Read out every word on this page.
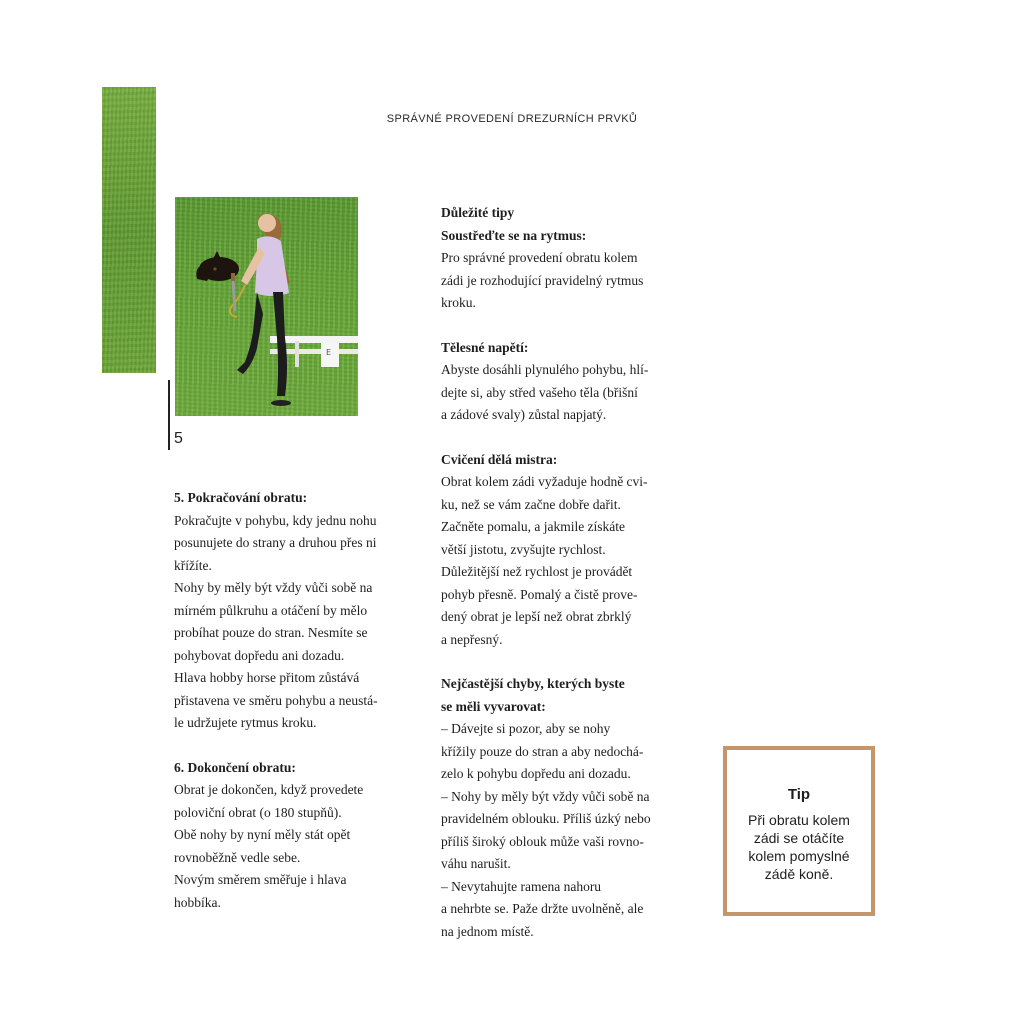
SPRÁVNÉ PROVEDENÍ DREZURNÍCH PRVKŮ
E
5

5. Pokračování obratu:

Pokračujte v pohybu, kdy jednu nohu

posunujete do strany a druhou přes ni

křížíte.

Nohy by měly být vždy vůči sobě na

mírném půlkruhu a otáčení by mělo

probíhat pouze do stran. Nesmíte se

pohybovat dopředu ani dozadu.

Hlava hobby horse přitom zůstává

přistavena ve směru pohybu a neustá-

le udržujete rytmus kroku.

6. Dokončení obratu:

Obrat je dokončen, když provedete

poloviční obrat (o 180 stupňů).

Obě nohy by nyní měly stát opět

rovnoběžně vedle sebe.

Novým směrem směřuje i hlava

hobbíka.

Důležité tipy

Soustřeďte se na rytmus:

Pro správné provedení obratu kolem

zádi je rozhodující pravidelný rytmus

kroku.

Tělesné napětí:

Abyste dosáhli plynulého pohybu, hlí-

dejte si, aby střed vašeho těla (břišní

a zádové svaly) zůstal napjatý.

Cvičení dělá mistra:

Obrat kolem zádi vyžaduje hodně cvi-

ku, než se vám začne dobře dařit.

Začněte pomalu, a jakmile získáte

větší jistotu, zvyšujte rychlost.

Důležitější než rychlost je provádět

pohyb přesně. Pomalý a čistě prove-

dený obrat je lepší než obrat zbrklý

a nepřesný.

Nejčastější chyby, kterých byste

se měli vyvarovat:

– Dávejte si pozor, aby se nohy

křížily pouze do stran a aby nedochá-

zelo k pohybu dopředu ani dozadu.

– Nohy by měly být vždy vůči sobě na

pravidelném oblouku. Příliš úzký nebo

příliš široký oblouk může vaši rovno-

váhu narušit.

– Nevytahujte ramena nahoru

a nehrbte se. Paže držte uvolněně, ale

na jednom místě.

Tip
Při obratu kolem
zádi se otáčíte
kolem pomyslné
zádě koně.
